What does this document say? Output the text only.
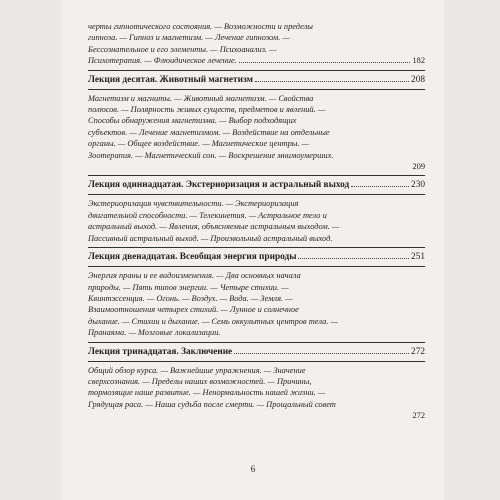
черты гипнотического состояния. — Возможности и пределы
гипноза. — Гипноз и магнетизм. — Лечение гипнозом. —
Бессознательное и его элементы. — Психоанализ. —
Психотерапия. — Флюидическое лечение.	182
Лекция десятая. Животный магнетизм	208
Магнетизм и магниты. — Животный магнетизм. — Свойства
полюсов. — Полярность живых существ, предметов и явлений. —
Способы обнаружения магнетизма. — Выбор подходящих
субъектов. — Лечение магнетизмом. — Воздействие на отдельные
органы. — Общее воздействие. — Магнетические центры. —
Зоотерапия. — Магнетический сон. — Воскрешение мнимоумерших.
209
Лекция одиннадцатая. Экстериоризация и астральный выход	230
Экстериоризация чувствительности. — Экстериоризация
двигательной способности. — Телекинетия. — Астральное тело и
астральный выход. — Явления, объясняемые астральным выходом. —
Пассивный астральный выход. — Произвольный астральный выход.
Лекция двенадцатая. Всеобщая энергия природы	251
Энергия праны и ее видоизменения. — Два основных начала
природы. — Пять типов энергии. — Четыре стихии. —
Квинтэссенция. — Огонь. — Воздух. — Вода. — Земля. —
Взаимоотношения четырех стихий. — Лунное и солнечное
дыхание. — Стихии и дыхание. — Семь оккультных центров тела. —
Пранаяма. — Мозговые локализации.
Лекция тринадцатая. Заключение	272
Общий обзор курса. — Важнейшие упражнения. — Значение
сверхсознания. — Пределы наших возможностей. — Причины,
тормозящие наше развитие. — Ненормальность нашей жизни. —
Грядущая раса. — Наша судьба после смерти. — Прощальный совет
272
6
